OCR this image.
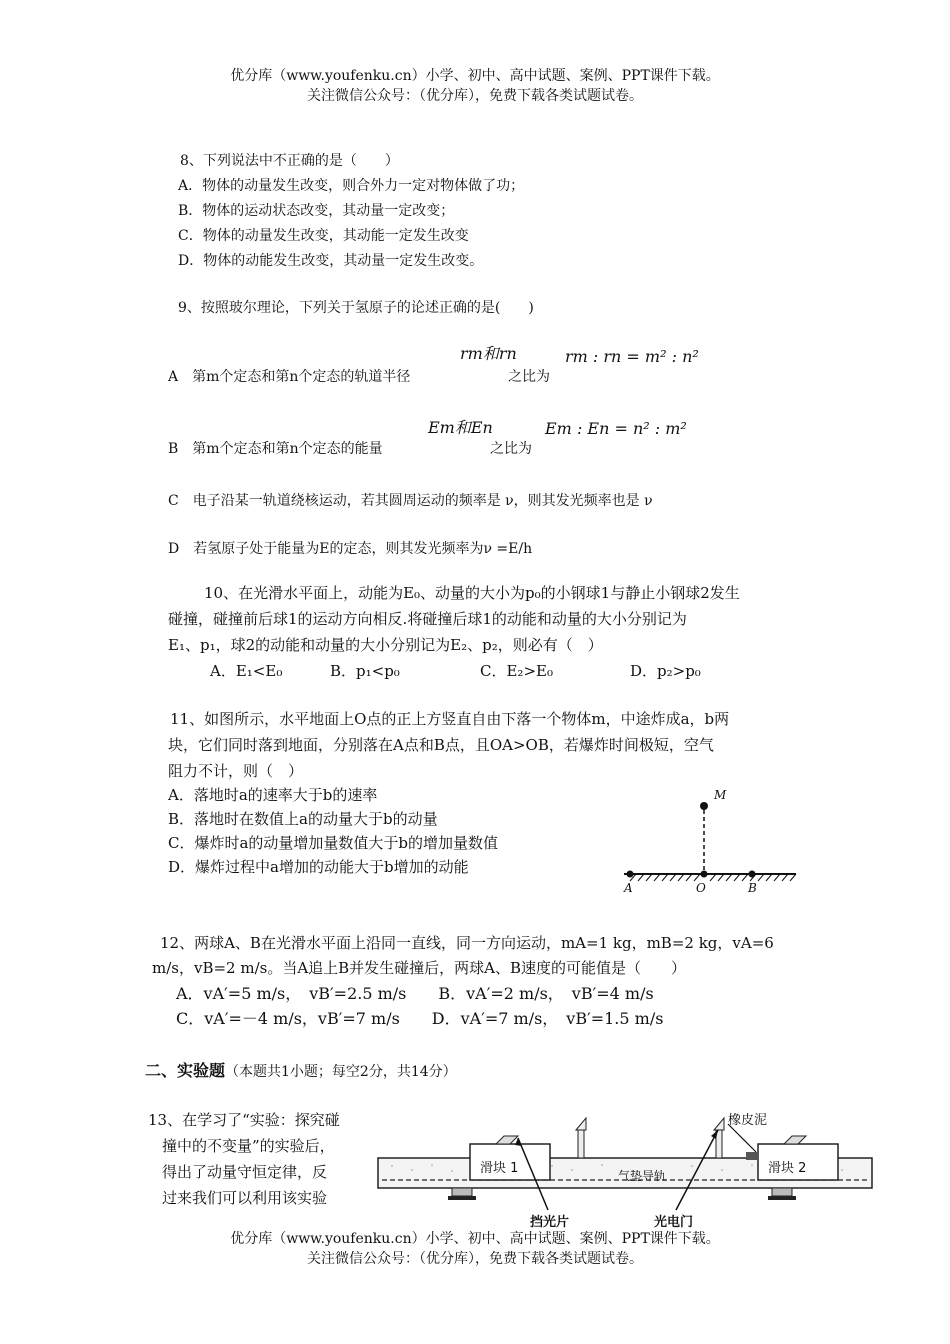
优分库（www.youfenku.cn）小学、初中、高中试题、案例、PPT课件下载。
关注微信公众号：（优分库），免费下载各类试题试卷。
8、下列说法中不正确的是（　　）
A．物体的动量发生改变，则合外力一定对物体做了功；
B．物体的运动状态改变，其动量一定改变；
C．物体的动量发生改变，其动能一定发生改变
D．物体的动能发生改变，其动量一定发生改变。
9、按照玻尔理论，下列关于氢原子的论述正确的是(　　)
A　第m个定态和第n个定态的轨道半径	之比为
rm和rn	rm : rn = m² : n²
B　第m个定态和第n个定态的能量	之比为
Em和En	Em : En = n² : m²
C　电子沿某一轨道绕核运动，若其圆周运动的频率是 ν，则其发光频率也是 ν
D　若氢原子处于能量为E的定态，则其发光频率为ν =E/h
10、在光滑水平面上，动能为E₀、动量的大小为p₀的小钢球1与静止小钢球2发生
碰撞，碰撞前后球1的运动方向相反.将碰撞后球1的动能和动量的大小分别记为
E₁、p₁，球2的动能和动量的大小分别记为E₂、p₂，则必有（　）
A．E₁<E₀	B．p₁<p₀	C．E₂>E₀	D．p₂>p₀
11、如图所示，水平地面上O点的正上方竖直自由下落一个物体m，中途炸成a，b两
块，它们同时落到地面，分别落在A点和B点，且OA>OB，若爆炸时间极短，空气
阻力不计，则（　）
A．落地时a的速率大于b的速率
B．落地时在数值上a的动量大于b的动量
C．爆炸时a的动量增加量数值大于b的增加量数值
D．爆炸过程中a增加的动能大于b增加的动能
M
A	O	B
12、两球A、B在光滑水平面上沿同一直线，同一方向运动，mA=1 kg，mB=2 kg，vA=6
m/s，vB=2 m/s。当A追上B并发生碰撞后，两球A、B速度的可能值是（　　）
A．vA′=5 m/s，　vB′=2.5 m/s　　B．vA′=2 m/s，　vB′=4 m/s
C．vA′=－4 m/s，vB′=7 m/s　　D．vA′=7 m/s，　vB′=1.5 m/s
二、实验题（本题共1小题；每空2分，共14分）
13、在学习了“实验：探究碰
撞中的不变量”的实验后，
得出了动量守恒定律，反
过来我们可以利用该实验
滑块 1	滑块 2
气垫导轨
橡皮泥
挡光片	光电门
优分库（www.youfenku.cn）小学、初中、高中试题、案例、PPT课件下载。
关注微信公众号：（优分库），免费下载各类试题试卷。
